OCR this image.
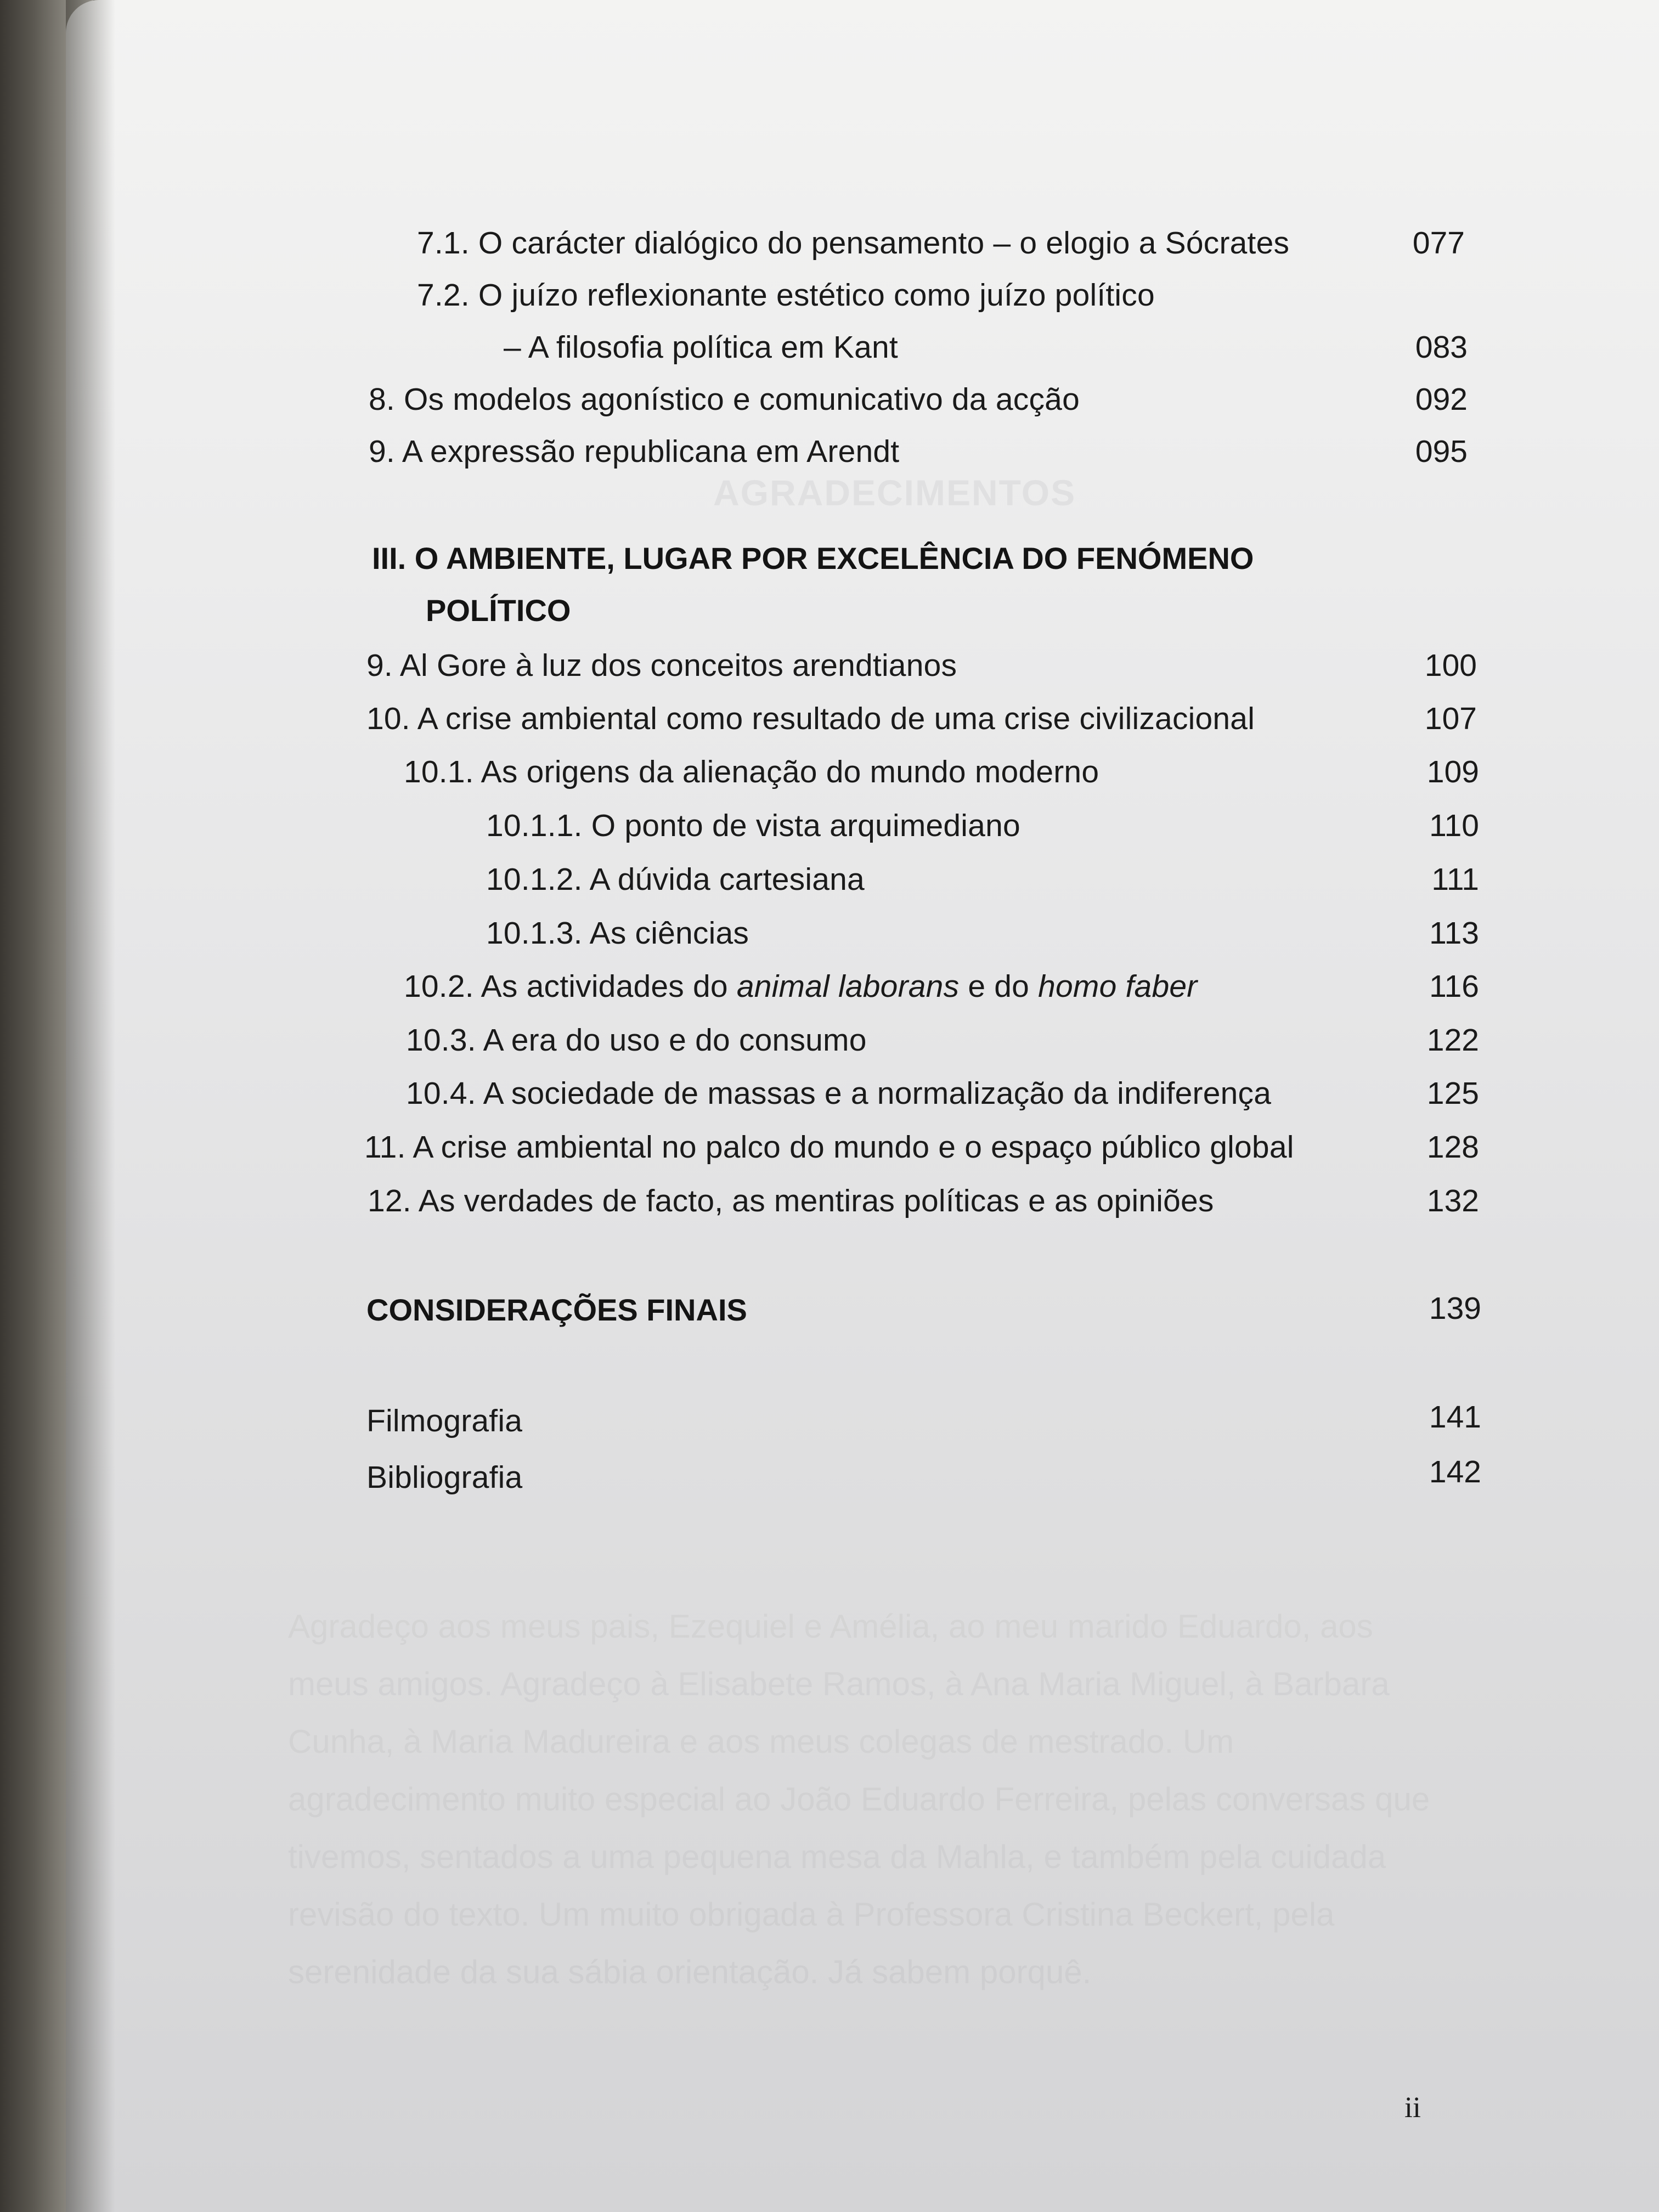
AGRADECIMENTOS
Agradeço aos meus pais, Ezequiel e Amélia, ao meu marido Eduardo, aos
meus amigos. Agradeço à Elisabete Ramos, à Ana Maria Miguel, à Barbara
Cunha, à Maria Madureira e aos meus colegas de mestrado. Um
agradecimento muito especial ao João Eduardo Ferreira, pelas conversas que
tivemos, sentados a uma pequena mesa da Mahla, e também pela cuidada
revisão do texto. Um muito obrigada à Professora Cristina Beckert, pela
serenidade da sua sábia orientação. Já sabem porquê.
7.1. O carácter dialógico do pensamento – o elogio a Sócrates	077
7.2. O juízo reflexionante estético como juízo político
– A filosofia política em Kant	083
8. Os modelos agonístico e comunicativo da acção	092
9. A expressão republicana em Arendt	095
III. O AMBIENTE, LUGAR POR EXCELÊNCIA DO FENÓMENO
POLÍTICO
9. Al Gore à luz dos conceitos arendtianos	100
10. A crise ambiental como resultado de uma crise civilizacional	107
10.1. As origens da alienação do mundo moderno	109
10.1.1. O ponto de vista arquimediano	110
10.1.2. A dúvida cartesiana	111
10.1.3. As ciências	113
10.2. As actividades do animal laborans e do homo faber	116
10.3. A era do uso e do consumo	122
10.4. A sociedade de massas e a normalização da indiferença	125
11. A crise ambiental no palco do mundo e o espaço público global	128
12. As verdades de facto, as mentiras políticas e as opiniões	132
CONSIDERAÇÕES FINAIS	139
Filmografia	141
Bibliografia	142
ii
